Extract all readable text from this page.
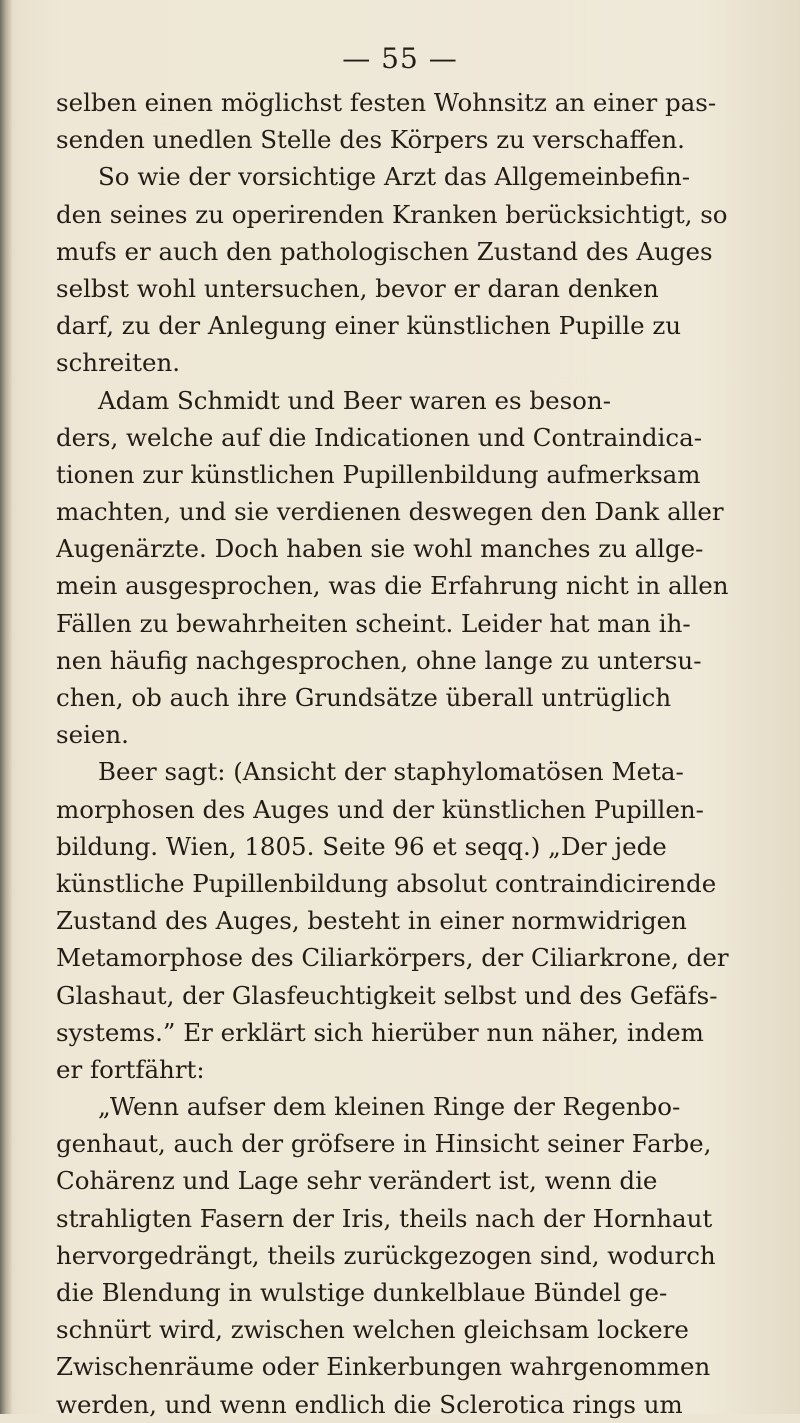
— 55 —
selben einen möglichst festen Wohnsitz an einer pas-
senden unedlen Stelle des Körpers zu verschaffen.
So wie der vorsichtige Arzt das Allgemeinbefin-
den seines zu operirenden Kranken berücksichtigt, so
mufs er auch den pathologischen Zustand des Auges
selbst wohl untersuchen, bevor er daran denken
darf, zu der Anlegung einer künstlichen Pupille zu
schreiten.
Adam Schmidt und Beer waren es beson-
ders, welche auf die Indicationen und Contraindica-
tionen zur künstlichen Pupillenbildung aufmerksam
machten, und sie verdienen deswegen den Dank aller
Augenärzte. Doch haben sie wohl manches zu allge-
mein ausgesprochen, was die Erfahrung nicht in allen
Fällen zu bewahrheiten scheint. Leider hat man ih-
nen häufig nachgesprochen, ohne lange zu untersu-
chen, ob auch ihre Grundsätze überall untrüglich
seien.
Beer sagt: (Ansicht der staphylomatösen Meta-
morphosen des Auges und der künstlichen Pupillen-
bildung. Wien, 1805. Seite 96 et seqq.) „Der jede
künstliche Pupillenbildung absolut contraindicirende
Zustand des Auges, besteht in einer normwidrigen
Metamorphose des Ciliarkörpers, der Ciliarkrone, der
Glashaut, der Glasfeuchtigkeit selbst und des Gefäfs-
systems.” Er erklärt sich hierüber nun näher, indem
er fortfährt:
„Wenn aufser dem kleinen Ringe der Regenbo-
genhaut, auch der gröfsere in Hinsicht seiner Farbe,
Cohärenz und Lage sehr verändert ist, wenn die
strahligten Fasern der Iris, theils nach der Hornhaut
hervorgedrängt, theils zurückgezogen sind, wodurch
die Blendung in wulstige dunkelblaue Bündel ge-
schnürt wird, zwischen welchen gleichsam lockere
Zwischenräume oder Einkerbungen wahrgenommen
werden, und wenn endlich die Sclerotica rings um
